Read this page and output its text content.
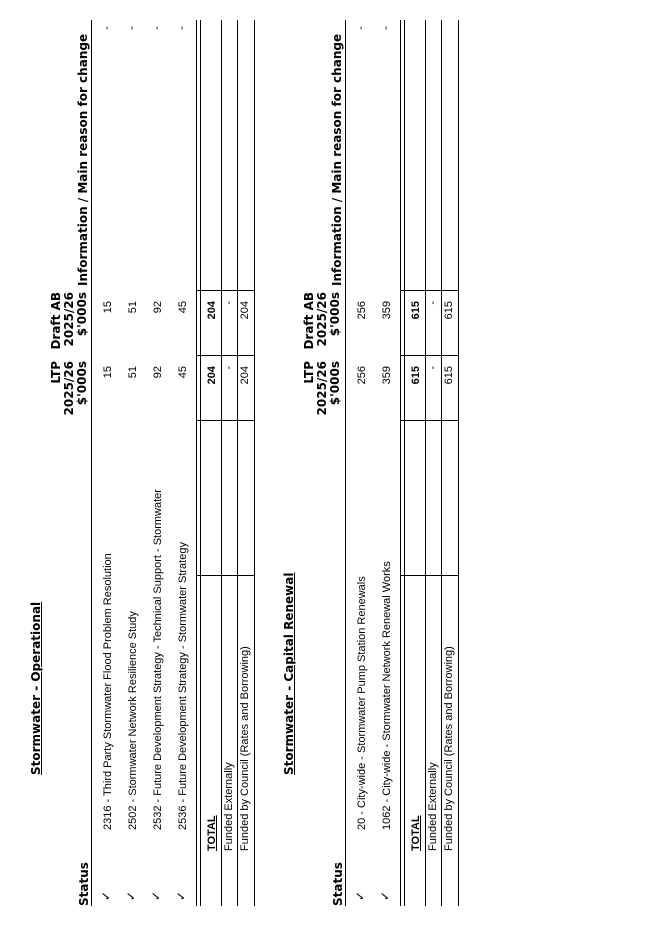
Stormwater - Operational
Status
LTP 2025/26 $'000s
Draft AB 2025/26 $'000s
Information / Main reason for change
✓
2316 - Third Party Stormwater Flood Problem Resolution
15
15
-
✓
2502 - Stormwater Network Resilience Study
51
51
-
✓
2532 - Future Development Strategy - Technical Support - Stormwater
92
92
-
✓
2536 - Future Development Strategy - Stormwater Strategy
45
45
-
TOTAL
204
204
Funded Externally
-
-
Funded by Council (Rates and Borrowing)
204
204
Stormwater - Capital Renewal
Status
LTP 2025/26 $'000s
Draft AB 2025/26 $'000s
Information / Main reason for change
✓
20 - City-wide - Stormwater Pump Station Renewals
256
256
-
✓
1062 - City-wide - Stormwater Network Renewal Works
359
359
-
TOTAL
615
615
Funded Externally
-
-
Funded by Council (Rates and Borrowing)
615
615
